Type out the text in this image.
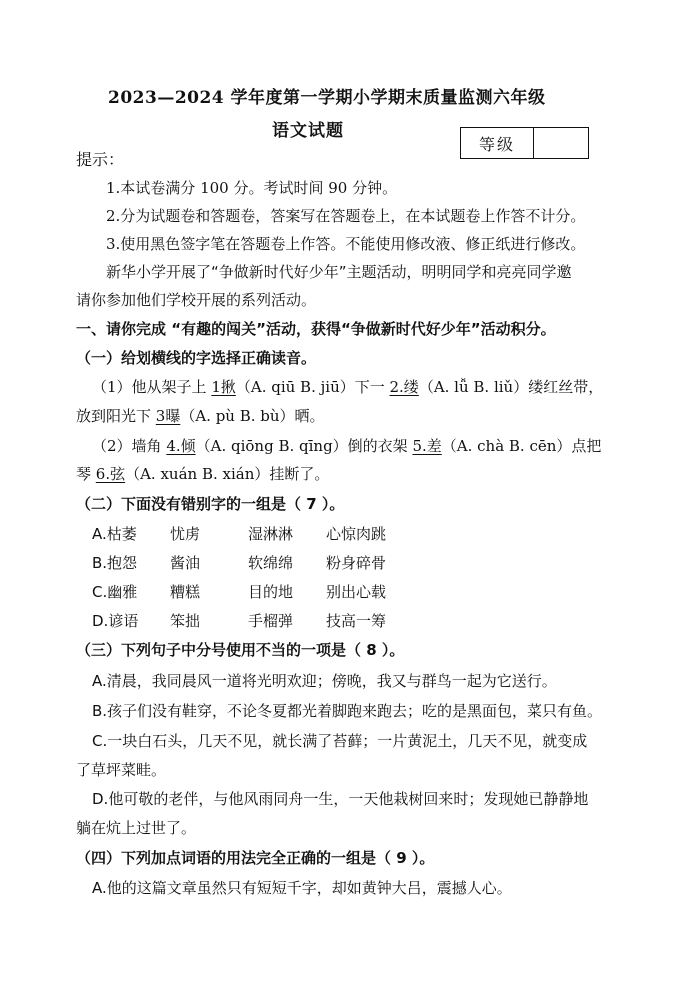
2023—2024 学年度第一学期小学期末质量监测六年级
语文试题
等级
提示：
1.本试卷满分 100 分。考试时间 90 分钟。
2.分为试题卷和答题卷，答案写在答题卷上，在本试题卷上作答不计分。
3.使用黑色签字笔在答题卷上作答。不能使用修改液、修正纸进行修改。
新华小学开展了“争做新时代好少年”主题活动，明明同学和亮亮同学邀
请你参加他们学校开展的系列活动。
一、请你完成 “有趣的闯关”活动，获得“争做新时代好少年”活动积分。
（一）给划横线的字选择正确读音。
（1）他从架子上 1揪（A. qiū B. jiū）下一 2.缕（A. lǚ B. liǔ）缕红丝带，
放到阳光下 3曝（A. pù B. bù）晒。
（2）墙角 4.倾（A. qiōng B. qīng）倒的衣架 5.差（A. chà B. cēn）点把
琴 6.弦（A. xuán B. xián）挂断了。
（二）下面没有错别字的一组是（ 7 ）。
A.枯萎 忧虏	湿淋淋 心惊肉跳
B.抱怨 酱油	软绵绵 粉身碎骨
C.幽雅 糟糕	目的地 别出心载
D.谚语 笨拙	手榴弹 技高一筹
（三）下列句子中分号使用不当的一项是（ 8 ）。
A.清晨，我同晨风一道将光明欢迎；傍晚，我又与群鸟一起为它送行。
B.孩子们没有鞋穿，不论冬夏都光着脚跑来跑去；吃的是黑面包，菜只有鱼。
C.一块白石头，几天不见，就长满了苔藓；一片黄泥土，几天不见，就变成
了草坪菜畦。
D.他可敬的老伴，与他风雨同舟一生，一天他栽树回来时；发现她已静静地
躺在炕上过世了。
（四）下列加点词语的用法完全正确的一组是（ 9 ）。
A.他的这篇文章虽然只有短短千字，却如黄钟大吕，震撼人心。
